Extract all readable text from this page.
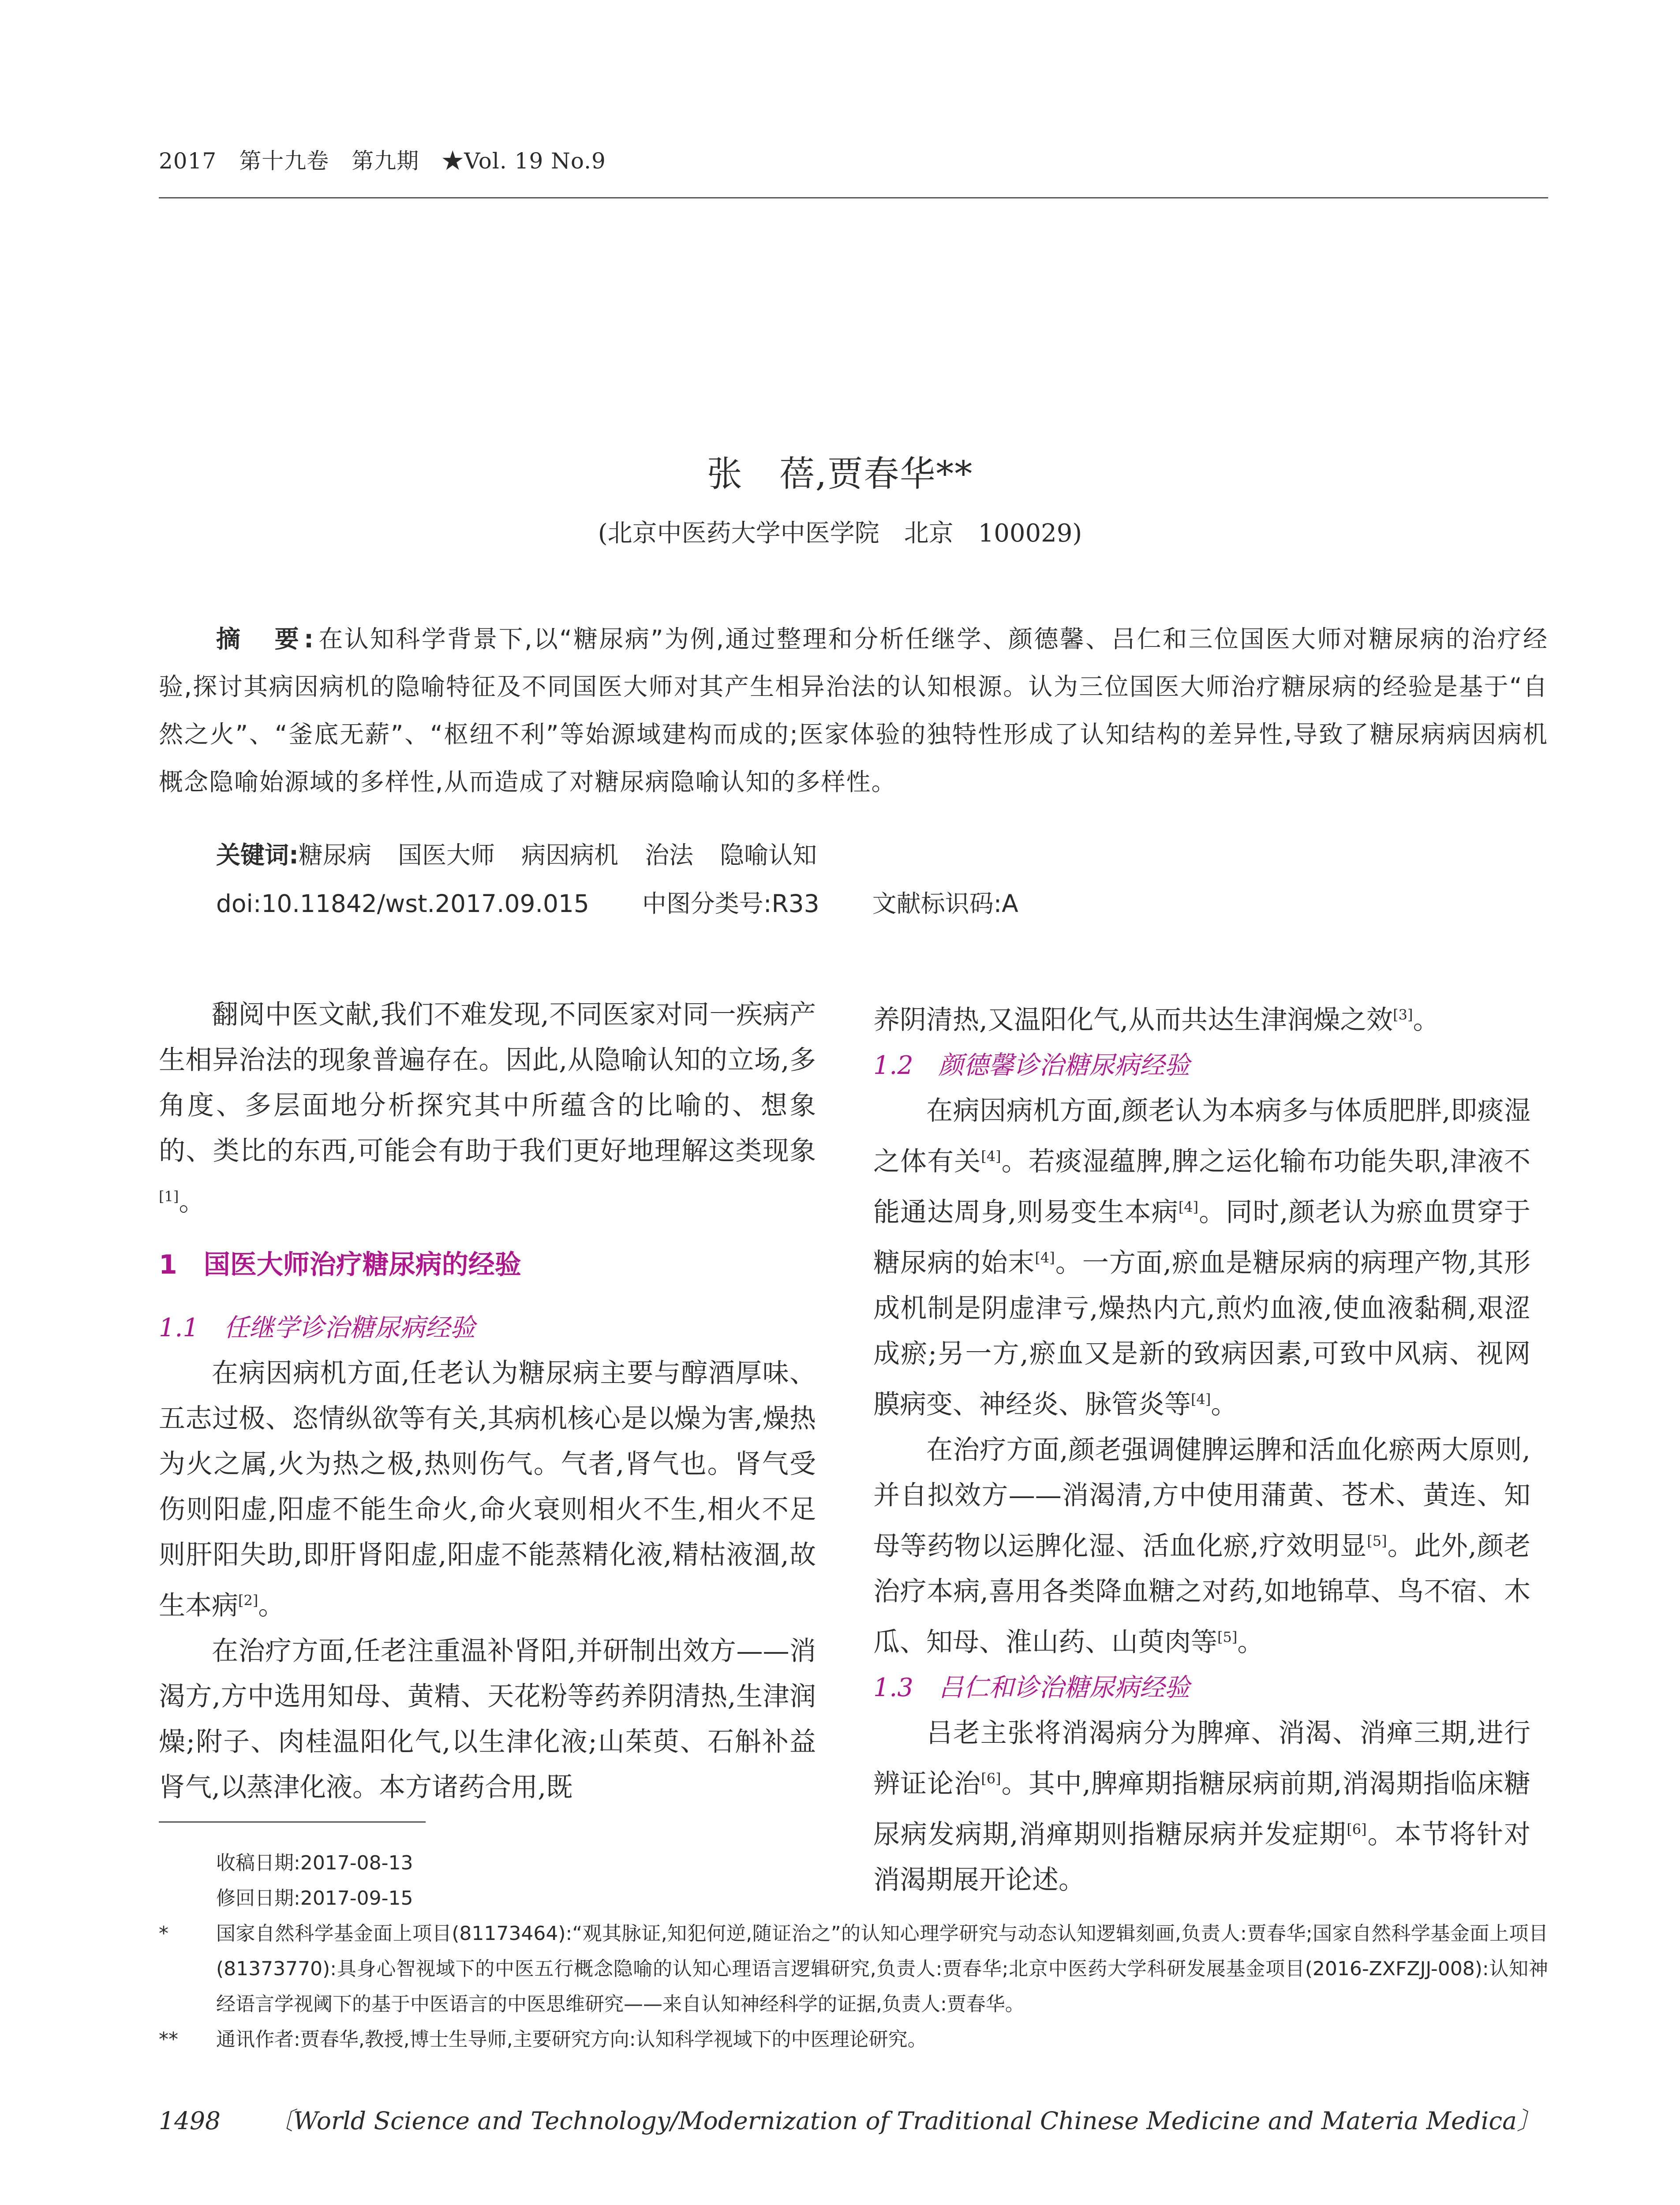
2017　第十九卷　第九期　★Vol. 19 No.9
张　蓓,贾春华**
(北京中医药大学中医学院　北京　100029)
摘　要:在认知科学背景下,以“糖尿病”为例,通过整理和分析任继学、颜德馨、吕仁和三位国医大师对糖尿病的治疗经验,探讨其病因病机的隐喻特征及不同国医大师对其产生相异治法的认知根源。认为三位国医大师治疗糖尿病的经验是基于“自然之火”、“釜底无薪”、“枢纽不利”等始源域建构而成的;医家体验的独特性形成了认知结构的差异性,导致了糖尿病病因病机概念隐喻始源域的多样性,从而造成了对糖尿病隐喻认知的多样性。
关键词:糖尿病 国医大师 病因病机 治法 隐喻认知
doi:10.11842/wst.2017.09.015 中图分类号:R33 文献标识码:A

翻阅中医文献,我们不难发现,不同医家对同一疾病产生相异治法的现象普遍存在。因此,从隐喻认知的立场,多角度、多层面地分析探究其中所蕴含的比喻的、想象的、类比的东西,可能会有助于我们更好地理解这类现象[1]。

1　国医大师治疗糖尿病的经验
1.1　任继学诊治糖尿病经验

在病因病机方面,任老认为糖尿病主要与醇酒厚味、五志过极、恣情纵欲等有关,其病机核心是以燥为害,燥热为火之属,火为热之极,热则伤气。气者,肾气也。肾气受伤则阳虚,阳虚不能生命火,命火衰则相火不生,相火不足则肝阳失助,即肝肾阳虚,阳虚不能蒸精化液,精枯液涸,故生本病[2]。

在治疗方面,任老注重温补肾阳,并研制出效方——消渴方,方中选用知母、黄精、天花粉等药养阴清热,生津润燥;附子、肉桂温阳化气,以生津化液;山茱萸、石斛补益肾气,以蒸津化液。本方诸药合用,既

养阴清热,又温阳化气,从而共达生津润燥之效[3]。

1.2　颜德馨诊治糖尿病经验

在病因病机方面,颜老认为本病多与体质肥胖,即痰湿之体有关[4]。若痰湿蕴脾,脾之运化输布功能失职,津液不能通达周身,则易变生本病[4]。同时,颜老认为瘀血贯穿于糖尿病的始末[4]。一方面,瘀血是糖尿病的病理产物,其形成机制是阴虚津亏,燥热内亢,煎灼血液,使血液黏稠,艰涩成瘀;另一方,瘀血又是新的致病因素,可致中风病、视网膜病变、神经炎、脉管炎等[4]。

在治疗方面,颜老强调健脾运脾和活血化瘀两大原则,并自拟效方——消渴清,方中使用蒲黄、苍术、黄连、知母等药物以运脾化湿、活血化瘀,疗效明显[5]。此外,颜老治疗本病,喜用各类降血糖之对药,如地锦草、鸟不宿、木瓜、知母、淮山药、山萸肉等[5]。

1.3　吕仁和诊治糖尿病经验

吕老主张将消渴病分为脾瘅、消渴、消瘅三期,进行辨证论治[6]。其中,脾瘅期指糖尿病前期,消渴期指临床糖尿病发病期,消瘅期则指糖尿病并发症期[6]。本节将针对消渴期展开论述。

收稿日期:2017-08-13
修回日期:2017-09-15
* 国家自然科学基金面上项目(81173464):“观其脉证,知犯何逆,随证治之”的认知心理学研究与动态认知逻辑刻画,负责人:贾春华;国家自然科学基金面上项目(81373770):具身心智视域下的中医五行概念隐喻的认知心理语言逻辑研究,负责人:贾春华;北京中医药大学科研发展基金项目(2016-ZXFZJJ-008):认知神经语言学视阈下的基于中医语言的中医思维研究——来自认知神经科学的证据,负责人:贾春华。
** 通讯作者:贾春华,教授,博士生导师,主要研究方向:认知科学视域下的中医理论研究。
1498 〔World Science and Technology/Modernization of Traditional Chinese Medicine and Materia Medica〕
